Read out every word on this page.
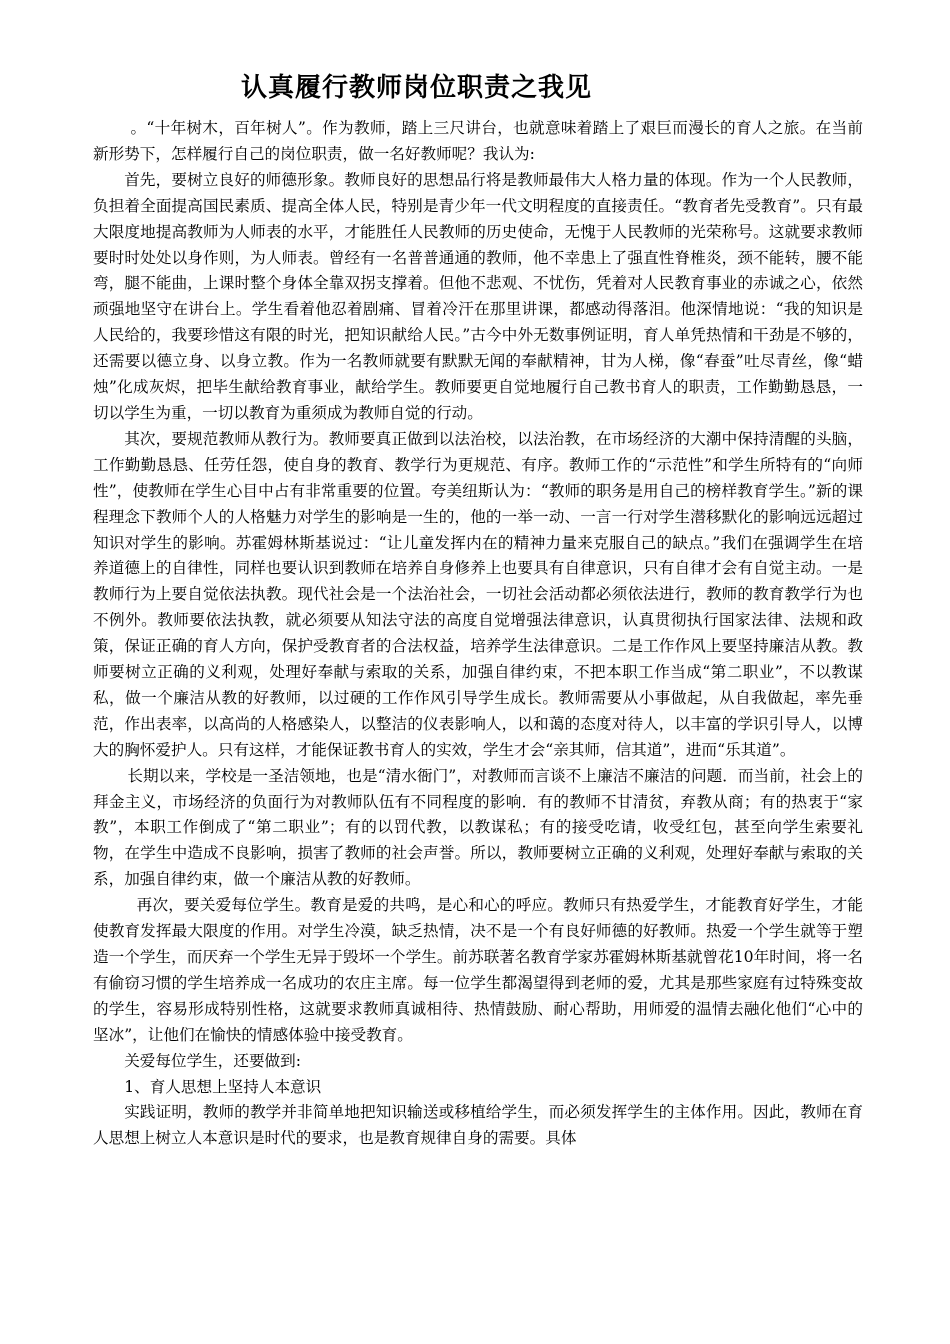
认真履行教师岗位职责之我见

。“十年树木，百年树人”。作为教师，踏上三尺讲台，也就意味着踏上了艰巨而漫长的育人之旅。在当前新形势下，怎样履行自己的岗位职责，做一名好教师呢？我认为:

首先，要树立良好的师德形象。教师良好的思想品行将是教师最伟大人格力量的体现。作为一个人民教师，负担着全面提高国民素质、提高全体人民，特别是青少年一代文明程度的直接责任。“教育者先受教育”。只有最大限度地提高教师为人师表的水平，才能胜任人民教师的历史使命，无愧于人民教师的光荣称号。这就要求教师要时时处处以身作则，为人师表。曾经有一名普普通通的教师，他不幸患上了强直性脊椎炎，颈不能转，腰不能弯，腿不能曲，上课时整个身体全靠双拐支撑着。但他不悲观、不忧伤，凭着对人民教育事业的赤诚之心，依然顽强地坚守在讲台上。学生看着他忍着剧痛、冒着冷汗在那里讲课，都感动得落泪。他深情地说：“我的知识是人民给的，我要珍惜这有限的时光，把知识献给人民。”古今中外无数事例证明，育人单凭热情和干劲是不够的，还需要以德立身、以身立教。作为一名教师就要有默默无闻的奉献精神，甘为人梯，像“春蚕”吐尽青丝，像“蜡烛”化成灰烬，把毕生献给教育事业，献给学生。教师要更自觉地履行自己教书育人的职责，工作勤勤恳恳，一切以学生为重，一切以教育为重须成为教师自觉的行动。

其次，要规范教师从教行为。教师要真正做到以法治校，以法治教，在市场经济的大潮中保持清醒的头脑，工作勤勤恳恳、任劳任怨，使自身的教育、教学行为更规范、有序。教师工作的“示范性”和学生所特有的“向师性”，使教师在学生心目中占有非常重要的位置。夸美纽斯认为：“教师的职务是用自己的榜样教育学生。”新的课程理念下教师个人的人格魅力对学生的影响是一生的，他的一举一动、一言一行对学生潜移默化的影响远远超过知识对学生的影响。苏霍姆林斯基说过：“让儿童发挥内在的精神力量来克服自己的缺点。”我们在强调学生在培养道德上的自律性，同样也要认识到教师在培养自身修养上也要具有自律意识，只有自律才会有自觉主动。一是教师行为上要自觉依法执教。现代社会是一个法治社会，一切社会活动都必须依法进行，教师的教育教学行为也不例外。教师要依法执教，就必须要从知法守法的高度自觉增强法律意识，认真贯彻执行国家法律、法规和政策，保证正确的育人方向，保护受教育者的合法权益，培养学生法律意识。二是工作作风上要坚持廉洁从教。教师要树立正确的义利观，处理好奉献与索取的关系，加强自律约束，不把本职工作当成“第二职业”，不以教谋私，做一个廉洁从教的好教师，以过硬的工作作风引导学生成长。教师需要从小事做起，从自我做起，率先垂范，作出表率，以高尚的人格感染人，以整洁的仪表影响人，以和蔼的态度对待人，以丰富的学识引导人，以博大的胸怀爱护人。只有这样，才能保证教书育人的实效，学生才会“亲其师，信其道”，进而“乐其道”。

长期以来，学校是一圣洁领地，也是“清水衙门”，对教师而言谈不上廉洁不廉洁的问题．而当前，社会上的拜金主义，市场经济的负面行为对教师队伍有不同程度的影响．有的教师不甘清贫，弃教从商；有的热衷于“家教”，本职工作倒成了“第二职业”；有的以罚代教，以教谋私；有的接受吃请，收受红包，甚至向学生索要礼物，在学生中造成不良影响，损害了教师的社会声誉。所以，教师要树立正确的义利观，处理好奉献与索取的关系，加强自律约束，做一个廉洁从教的好教师。

再次，要关爱每位学生。教育是爱的共鸣，是心和心的呼应。教师只有热爱学生，才能教育好学生，才能使教育发挥最大限度的作用。对学生冷漠，缺乏热情，决不是一个有良好师德的好教师。热爱一个学生就等于塑造一个学生，而厌弃一个学生无异于毁坏一个学生。前苏联著名教育学家苏霍姆林斯基就曾花10年时间，将一名有偷窃习惯的学生培养成一名成功的农庄主席。每一位学生都渴望得到老师的爱，尤其是那些家庭有过特殊变故的学生，容易形成特别性格，这就要求教师真诚相待、热情鼓励、耐心帮助，用师爱的温情去融化他们“心中的坚冰”，让他们在愉快的情感体验中接受教育。

关爱每位学生，还要做到:

1、育人思想上坚持人本意识

实践证明，教师的教学并非简单地把知识输送或移植给学生，而必须发挥学生的主体作用。因此，教师在育人思想上树立人本意识是时代的要求，也是教育规律自身的需要。具体
